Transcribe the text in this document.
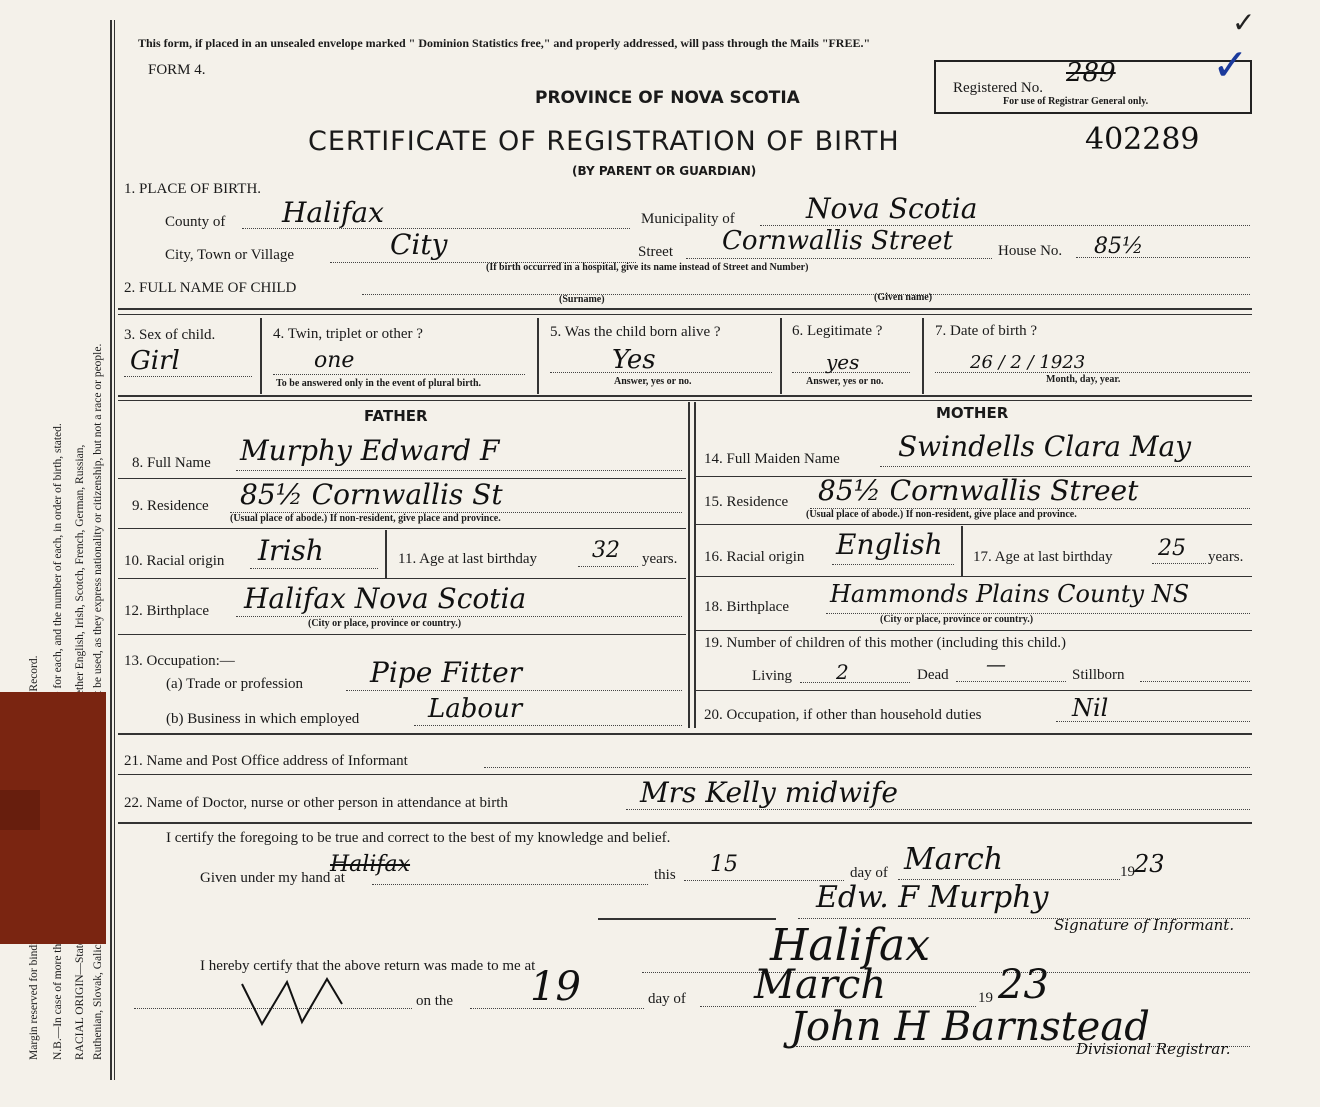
This form, if placed in an unsealed envelope marked " Dominion Statistics free," and properly addressed, will pass through the Mails "FREE."
FORM 4.
PROVINCE OF NOVA SCOTIA
CERTIFICATE OF REGISTRATION OF BIRTH	402289
(BY PARENT OR GUARDIAN)
Registered No. 289
For use of Registrar General only.
✓
✓
1. PLACE OF BIRTH.
County of Halifax	Municipality of	Nova Scotia
City, Town or Village	City	Street Cornwallis Street	House No. 85½
(If birth occurred in a hospital, give its name instead of Street and Number)
2. FULL NAME OF CHILD
(Surname)	(Given name)
3. Sex of child.
Girl
4. Twin, triplet or other ?
one
To be answered only in the event of plural birth.
5. Was the child born alive ?
Yes
Answer, yes or no.
6. Legitimate ?
yes
Answer, yes or no.
7. Date of birth ?
26 / 2 / 1923
Month, day, year.
FATHER	MOTHER
8. Full Name Murphy Edward F
9. Residence 85½ Cornwallis St
(Usual place of abode.) If non-resident, give place and province.
10. Racial origin Irish	11. Age at last birthday	32 years.
12. Birthplace Halifax Nova Scotia
(City or place, province or country.)
13. Occupation:—
(a) Trade or profession Pipe Fitter
(b) Business in which employed	Labour
14. Full Maiden Name Swindells Clara May
15. Residence 85½ Cornwallis Street
(Usual place of abode.) If non-resident, give place and province.
16. Racial origin English 17. Age at last birthday 25 years.
18. Birthplace Hammonds Plains County NS
(City or place, province or country.)
19. Number of children of this mother (including this child.)
Living 2	Dead —	Stillborn
20. Occupation, if other than household duties	Nil
21. Name and Post Office address of Informant
22. Name of Doctor, nurse or other person in attendance at birth	Mrs Kelly midwife
I certify the foregoing to be true and correct to the best of my knowledge and belief.
Given under my hand at
Halifax	this 15	day of March	19 23
Edw. F Murphy
Signature of Informant.
I hereby certify that the above return was made to me at	Halifax
on the 19	day of March	19 23
John H Barnstead
Divisional Registrar.
